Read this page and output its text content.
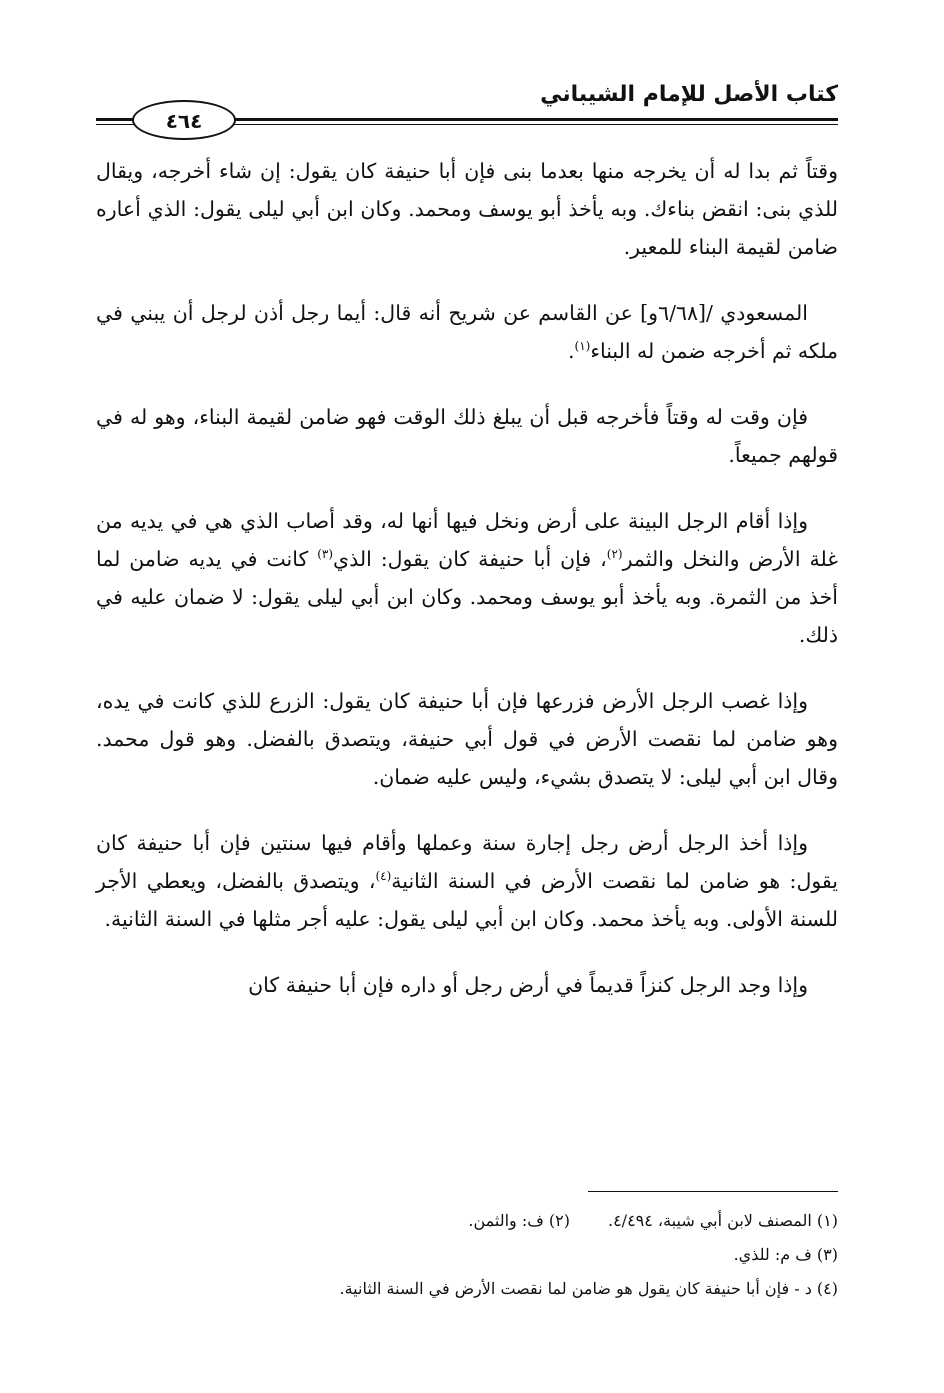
كتاب الأصل للإمام الشيباني
٤٦٤

وقتاً ثم بدا له أن يخرجه منها بعدما بنى فإن أبا حنيفة كان يقول: إن شاء أخرجه، ويقال للذي بنى: انقض بناءك. وبه يأخذ أبو يوسف ومحمد. وكان ابن أبي ليلى يقول: الذي أعاره ضامن لقيمة البناء للمعير.

المسعودي /[٦/٦٨و] عن القاسم عن شريح أنه قال: أيما رجل أذن لرجل أن يبني في ملكه ثم أخرجه ضمن له البناء$^{(١)}$.

فإن وقت له وقتاً فأخرجه قبل أن يبلغ ذلك الوقت فهو ضامن لقيمة البناء، وهو له في قولهم جميعاً.

وإذا أقام الرجل البينة على أرض ونخل فيها أنها له، وقد أصاب الذي هي في يديه من غلة الأرض والنخل والثمر$^{(٢)}$، فإن أبا حنيفة كان يقول: الذي$^{(٣)}$ كانت في يديه ضامن لما أخذ من الثمرة. وبه يأخذ أبو يوسف ومحمد. وكان ابن أبي ليلى يقول: لا ضمان عليه في ذلك.

وإذا غصب الرجل الأرض فزرعها فإن أبا حنيفة كان يقول: الزرع للذي كانت في يده، وهو ضامن لما نقصت الأرض في قول أبي حنيفة، ويتصدق بالفضل. وهو قول محمد. وقال ابن أبي ليلى: لا يتصدق بشيء، وليس عليه ضمان.

وإذا أخذ الرجل أرض رجل إجارة سنة وعملها وأقام فيها سنتين فإن أبا حنيفة كان يقول: هو ضامن لما نقصت الأرض في السنة الثانية$^{(٤)}$، ويتصدق بالفضل، ويعطي الأجر للسنة الأولى. وبه يأخذ محمد. وكان ابن أبي ليلى يقول: عليه أجر مثلها في السنة الثانية.

وإذا وجد الرجل كنزاً قديماً في أرض رجل أو داره فإن أبا حنيفة كان

(١) المصنف لابن أبي شيبة، ٤/٤٩٤.(٢) ف: والثمن.
(٣) ف م: للذي.
(٤) د - فإن أبا حنيفة كان يقول هو ضامن لما نقصت الأرض في السنة الثانية.
